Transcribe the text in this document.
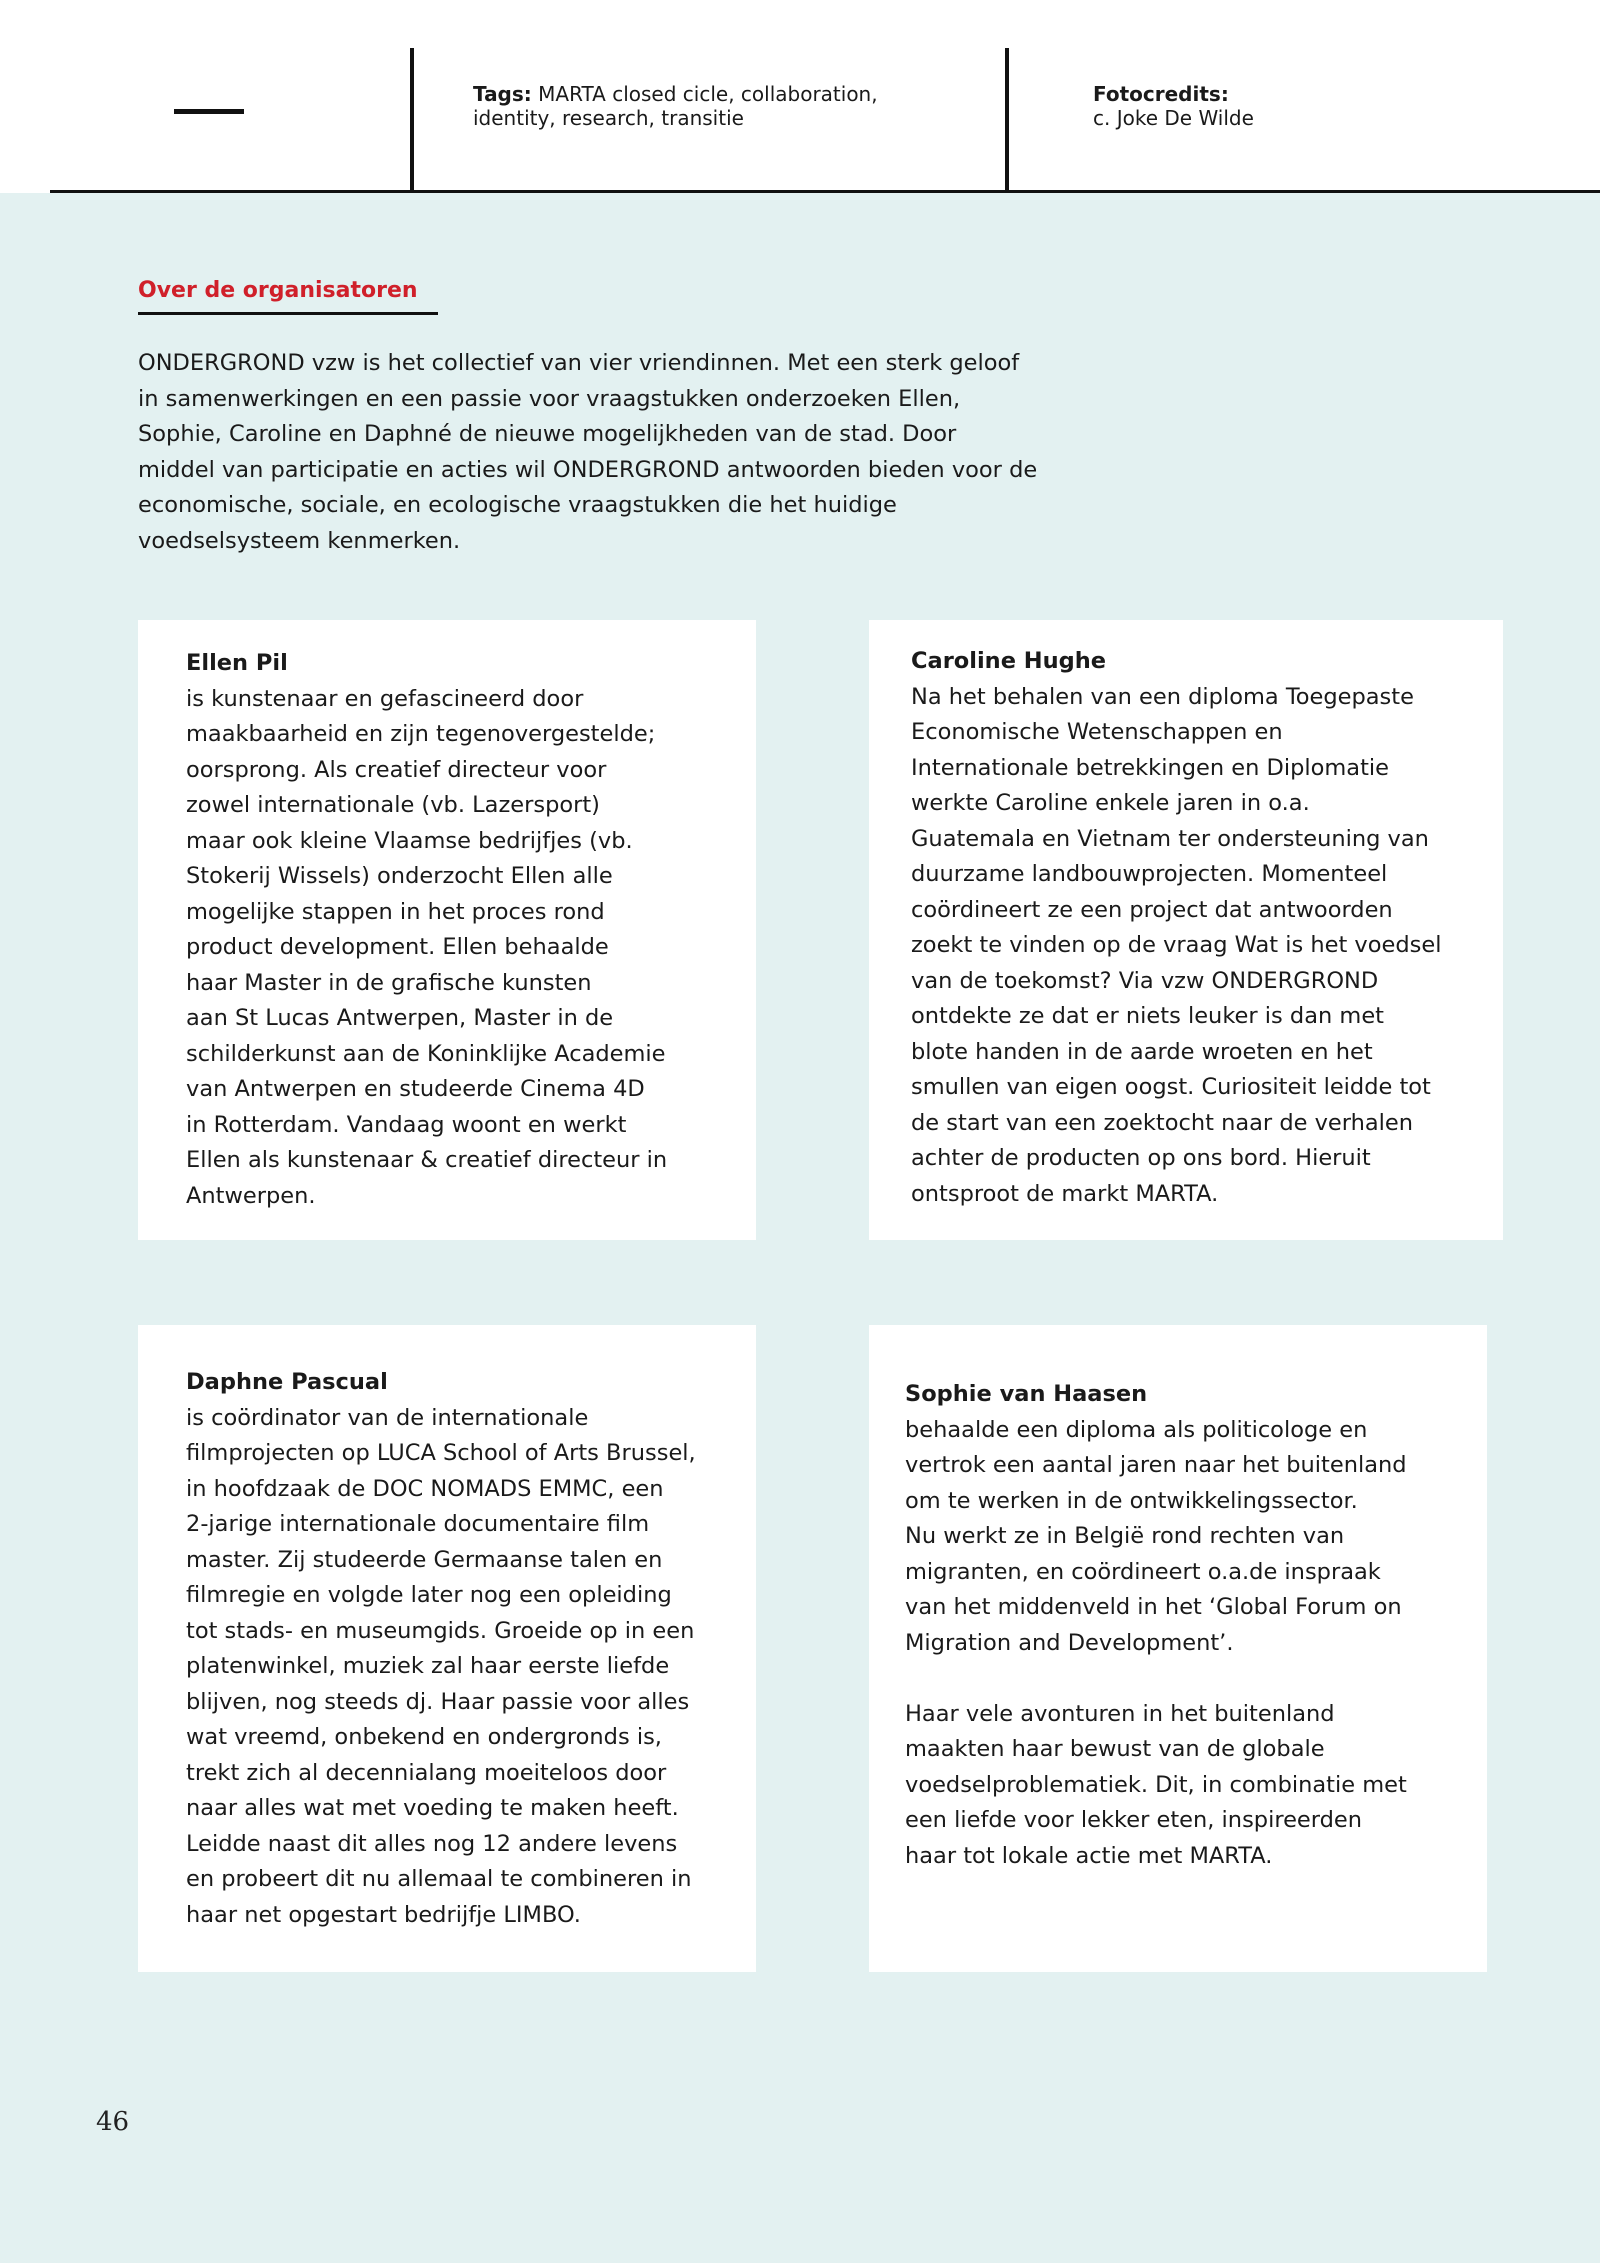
Tags: MARTA closed cicle, collaboration, identity, research, transitie
Fotocredits:
c. Joke De Wilde
Over de organisatoren

ONDERGROND vzw is het collectief van vier vriendinnen. Met een sterk geloof in samenwerkingen en een passie voor vraagstukken onderzoeken Ellen, Sophie, Caroline en Daphné de nieuwe mogelijkheden van de stad. Door middel van participatie en acties wil ONDERGROND antwoorden bieden voor de economische, sociale, en ecologische vraagstukken die het huidige voedselsysteem kenmerken.

Ellen Pil
is kunstenaar en gefascineerd door
maakbaarheid en zijn tegenovergestelde;
oorsprong. Als creatief directeur voor
zowel internationale (vb. Lazersport)
maar ook kleine Vlaamse bedrijfjes (vb.
Stokerij Wissels) onderzocht Ellen alle
mogelijke stappen in het proces rond
product development. Ellen behaalde
haar Master in de grafische kunsten
aan St Lucas Antwerpen, Master in de
schilderkunst aan de Koninklijke Academie
van Antwerpen en studeerde Cinema 4D
in Rotterdam. Vandaag woont en werkt
Ellen als kunstenaar & creatief directeur in
Antwerpen.

Caroline Hughe
Na het behalen van een diploma Toegepaste
Economische Wetenschappen en
Internationale betrekkingen en Diplomatie
werkte Caroline enkele jaren in o.a.
Guatemala en Vietnam ter ondersteuning van
duurzame landbouwprojecten. Momenteel
coördineert ze een project dat antwoorden
zoekt te vinden op de vraag Wat is het voedsel
van de toekomst? Via vzw ONDERGROND
ontdekte ze dat er niets leuker is dan met
blote handen in de aarde wroeten en het
smullen van eigen oogst. Curiositeit leidde tot
de start van een zoektocht naar de verhalen
achter de producten op ons bord. Hieruit
ontsproot de markt MARTA.

Daphne Pascual
is coördinator van de internationale
filmprojecten op LUCA School of Arts Brussel,
in hoofdzaak de DOC NOMADS EMMC, een
2-jarige internationale documentaire film
master. Zij studeerde Germaanse talen en
filmregie en volgde later nog een opleiding
tot stads- en museumgids. Groeide op in een
platenwinkel, muziek zal haar eerste liefde
blijven, nog steeds dj. Haar passie voor alles
wat vreemd, onbekend en ondergronds is,
trekt zich al decennialang moeiteloos door
naar alles wat met voeding te maken heeft.
Leidde naast dit alles nog 12 andere levens
en probeert dit nu allemaal te combineren in
haar net opgestart bedrijfje LIMBO.

Sophie van Haasen
behaalde een diploma als politicologe en
vertrok een aantal jaren naar het buitenland
om te werken in de ontwikkelingssector.
Nu werkt ze in België rond rechten van
migranten, en coördineert o.a.de inspraak
van het middenveld in het ‘Global Forum on
Migration and Development’.

Haar vele avonturen in het buitenland
maakten haar bewust van de globale
voedselproblematiek. Dit, in combinatie met
een liefde voor lekker eten, inspireerden
haar tot lokale actie met MARTA.

46
